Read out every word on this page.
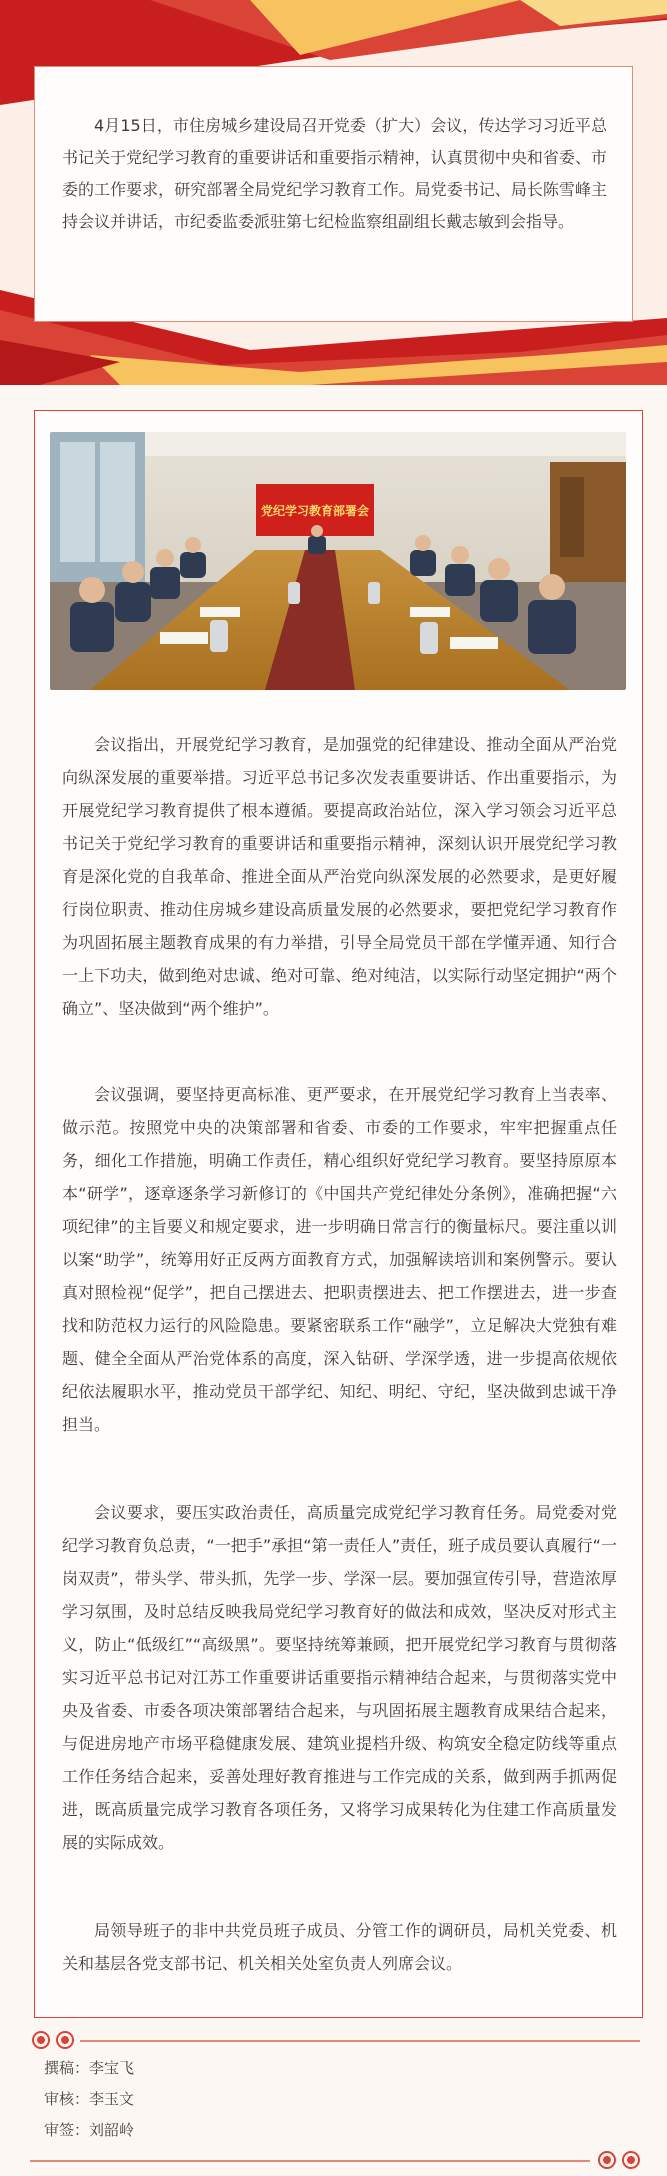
4月15日，市住房城乡建设局召开党委（扩大）会议，传达学习习近平总书记关于党纪学习教育的重要讲话和重要指示精神，认真贯彻中央和省委、市委的工作要求，研究部署全局党纪学习教育工作。局党委书记、局长陈雪峰主持会议并讲话，市纪委监委派驻第七纪检监察组副组长戴志敏到会指导。

党纪学习教育部署会

会议指出，开展党纪学习教育，是加强党的纪律建设、推动全面从严治党向纵深发展的重要举措。习近平总书记多次发表重要讲话、作出重要指示，为开展党纪学习教育提供了根本遵循。要提高政治站位，深入学习领会习近平总书记关于党纪学习教育的重要讲话和重要指示精神，深刻认识开展党纪学习教育是深化党的自我革命、推进全面从严治党向纵深发展的必然要求，是更好履行岗位职责、推动住房城乡建设高质量发展的必然要求，要把党纪学习教育作为巩固拓展主题教育成果的有力举措，引导全局党员干部在学懂弄通、知行合一上下功夫，做到绝对忠诚、绝对可靠、绝对纯洁，以实际行动坚定拥护“两个确立”、坚决做到“两个维护”。

会议强调，要坚持更高标准、更严要求，在开展党纪学习教育上当表率、做示范。按照党中央的决策部署和省委、市委的工作要求，牢牢把握重点任务，细化工作措施，明确工作责任，精心组织好党纪学习教育。要坚持原原本本“研学”，逐章逐条学习新修订的《中国共产党纪律处分条例》，准确把握“六项纪律”的主旨要义和规定要求，进一步明确日常言行的衡量标尺。要注重以训以案“助学”，统筹用好正反两方面教育方式，加强解读培训和案例警示。要认真对照检视“促学”，把自己摆进去、把职责摆进去、把工作摆进去，进一步查找和防范权力运行的风险隐患。要紧密联系工作“融学”，立足解决大党独有难题、健全全面从严治党体系的高度，深入钻研、学深学透，进一步提高依规依纪依法履职水平，推动党员干部学纪、知纪、明纪、守纪，坚决做到忠诚干净担当。

会议要求，要压实政治责任，高质量完成党纪学习教育任务。局党委对党纪学习教育负总责，“一把手”承担“第一责任人”责任，班子成员要认真履行“一岗双责”，带头学、带头抓，先学一步、学深一层。要加强宣传引导，营造浓厚学习氛围，及时总结反映我局党纪学习教育好的做法和成效，坚决反对形式主义，防止“低级红”“高级黑”。要坚持统筹兼顾，把开展党纪学习教育与贯彻落实习近平总书记对江苏工作重要讲话重要指示精神结合起来，与贯彻落实党中央及省委、市委各项决策部署结合起来，与巩固拓展主题教育成果结合起来，与促进房地产市场平稳健康发展、建筑业提档升级、构筑安全稳定防线等重点工作任务结合起来，妥善处理好教育推进与工作完成的关系，做到两手抓两促进，既高质量完成学习教育各项任务，又将学习成果转化为住建工作高质量发展的实际成效。

局领导班子的非中共党员班子成员、分管工作的调研员，局机关党委、机关和基层各党支部书记、机关相关处室负责人列席会议。

撰稿：李宝飞
审核：李玉文
审签：刘韶岭
